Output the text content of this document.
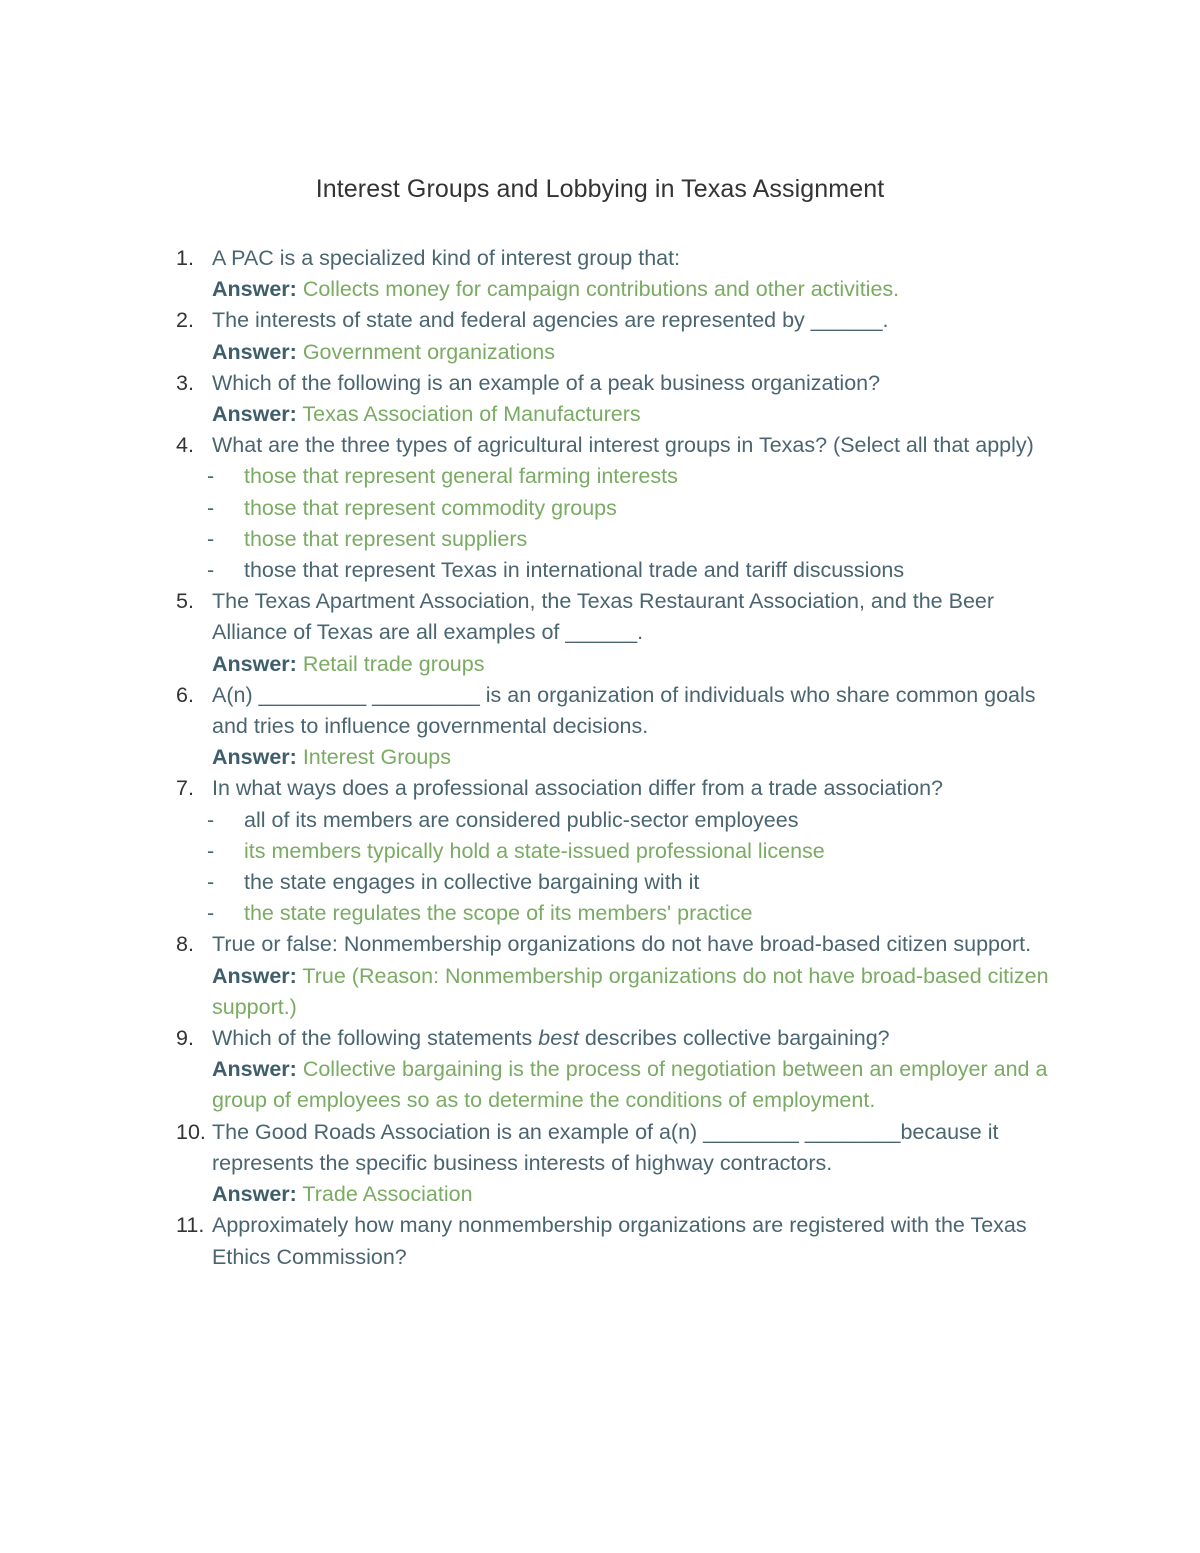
Interest Groups and Lobbying in Texas Assignment
1. A PAC is a specialized kind of interest group that:
Answer: Collects money for campaign contributions and other activities.
2. The interests of state and federal agencies are represented by ______.
Answer: Government organizations
3. Which of the following is an example of a peak business organization?
Answer: Texas Association of Manufacturers
4. What are the three types of agricultural interest groups in Texas? (Select all that apply)
- those that represent general farming interests
- those that represent commodity groups
- those that represent suppliers
- those that represent Texas in international trade and tariff discussions
5. The Texas Apartment Association, the Texas Restaurant Association, and the Beer Alliance of Texas are all examples of ______.
Answer: Retail trade groups
6. A(n) _________ _________ is an organization of individuals who share common goals and tries to influence governmental decisions.
Answer: Interest Groups
7. In what ways does a professional association differ from a trade association?
- all of its members are considered public-sector employees
- its members typically hold a state-issued professional license
- the state engages in collective bargaining with it
- the state regulates the scope of its members' practice
8. True or false: Nonmembership organizations do not have broad-based citizen support.
Answer: True (Reason: Nonmembership organizations do not have broad-based citizen support.)
9. Which of the following statements best describes collective bargaining?
Answer: Collective bargaining is the process of negotiation between an employer and a group of employees so as to determine the conditions of employment.
10. The Good Roads Association is an example of a(n) ________ ________because it represents the specific business interests of highway contractors.
Answer: Trade Association
11. Approximately how many nonmembership organizations are registered with the Texas Ethics Commission?
